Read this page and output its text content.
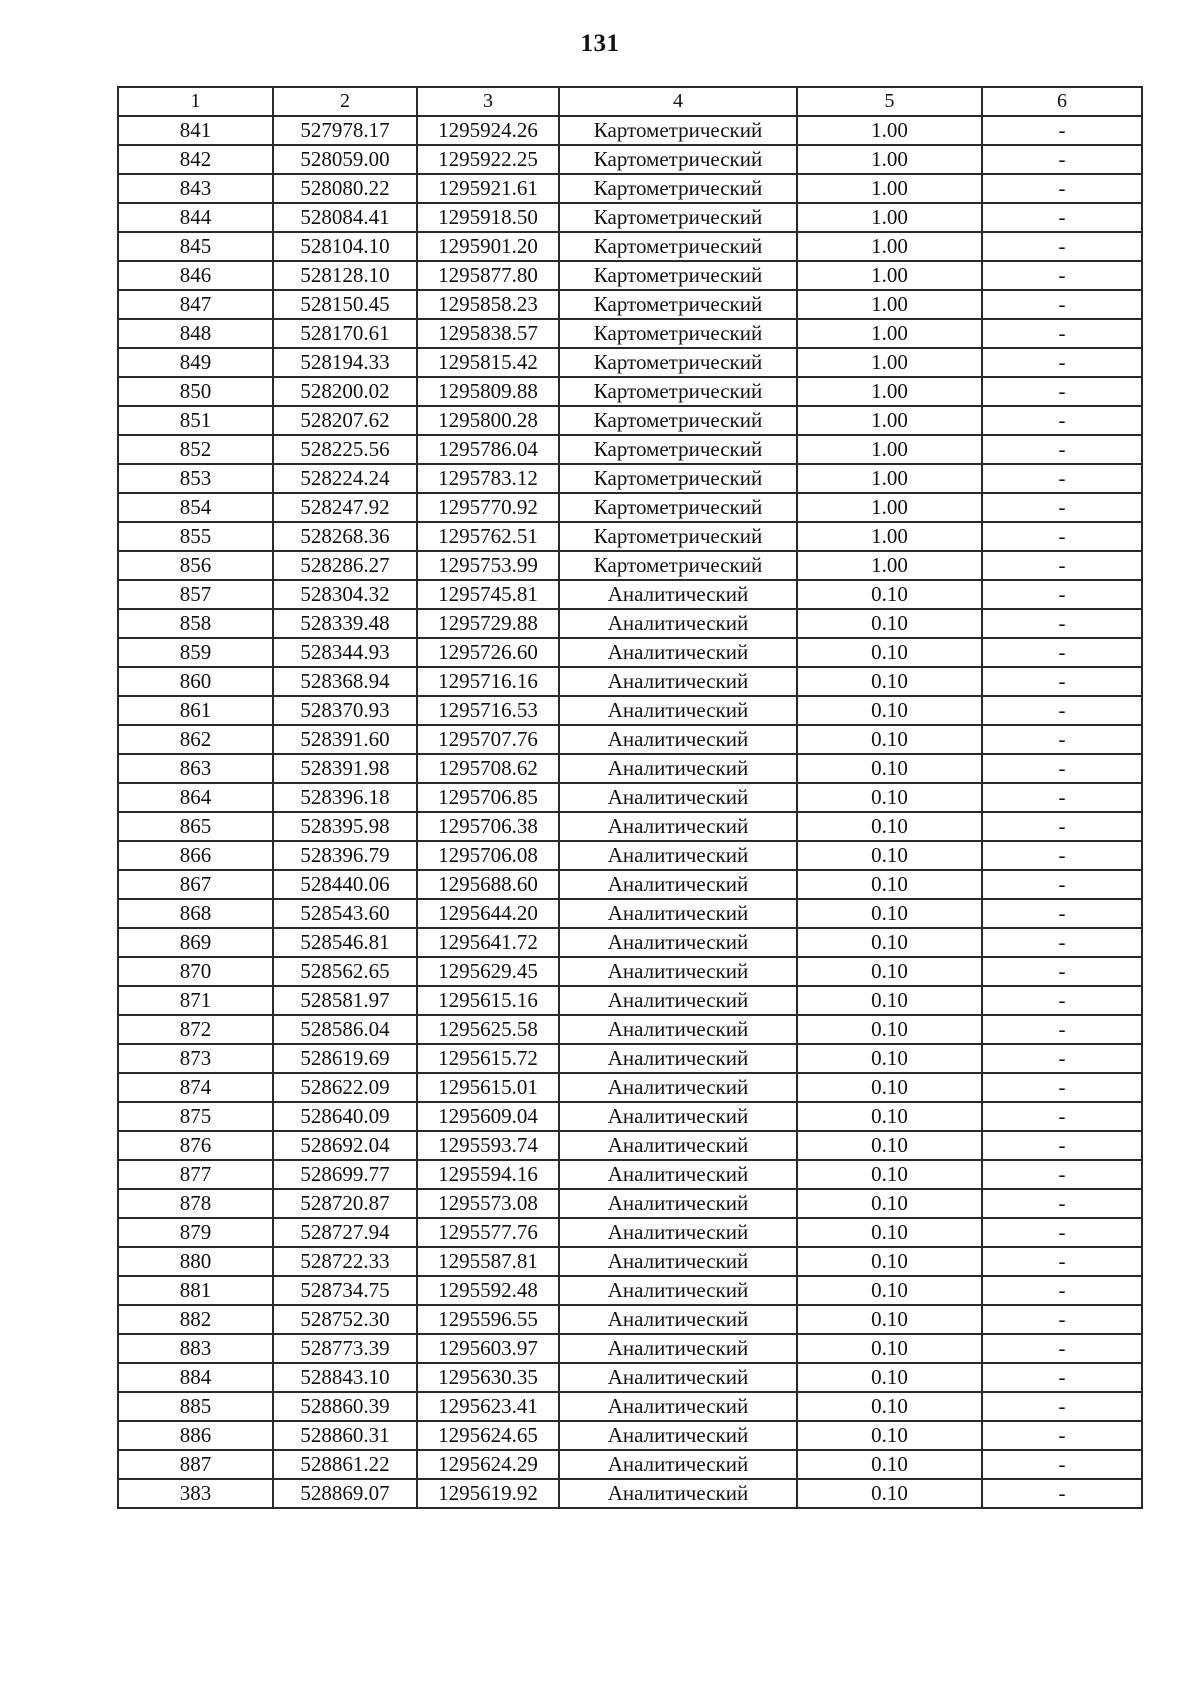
131
1	2	3	4	5	6
841	527978.17	1295924.26	Картометрический	1.00	-
842	528059.00	1295922.25	Картометрический	1.00	-
843	528080.22	1295921.61	Картометрический	1.00	-
844	528084.41	1295918.50	Картометрический	1.00	-
845	528104.10	1295901.20	Картометрический	1.00	-
846	528128.10	1295877.80	Картометрический	1.00	-
847	528150.45	1295858.23	Картометрический	1.00	-
848	528170.61	1295838.57	Картометрический	1.00	-
849	528194.33	1295815.42	Картометрический	1.00	-
850	528200.02	1295809.88	Картометрический	1.00	-
851	528207.62	1295800.28	Картометрический	1.00	-
852	528225.56	1295786.04	Картометрический	1.00	-
853	528224.24	1295783.12	Картометрический	1.00	-
854	528247.92	1295770.92	Картометрический	1.00	-
855	528268.36	1295762.51	Картометрический	1.00	-
856	528286.27	1295753.99	Картометрический	1.00	-
857	528304.32	1295745.81	Аналитический	0.10	-
858	528339.48	1295729.88	Аналитический	0.10	-
859	528344.93	1295726.60	Аналитический	0.10	-
860	528368.94	1295716.16	Аналитический	0.10	-
861	528370.93	1295716.53	Аналитический	0.10	-
862	528391.60	1295707.76	Аналитический	0.10	-
863	528391.98	1295708.62	Аналитический	0.10	-
864	528396.18	1295706.85	Аналитический	0.10	-
865	528395.98	1295706.38	Аналитический	0.10	-
866	528396.79	1295706.08	Аналитический	0.10	-
867	528440.06	1295688.60	Аналитический	0.10	-
868	528543.60	1295644.20	Аналитический	0.10	-
869	528546.81	1295641.72	Аналитический	0.10	-
870	528562.65	1295629.45	Аналитический	0.10	-
871	528581.97	1295615.16	Аналитический	0.10	-
872	528586.04	1295625.58	Аналитический	0.10	-
873	528619.69	1295615.72	Аналитический	0.10	-
874	528622.09	1295615.01	Аналитический	0.10	-
875	528640.09	1295609.04	Аналитический	0.10	-
876	528692.04	1295593.74	Аналитический	0.10	-
877	528699.77	1295594.16	Аналитический	0.10	-
878	528720.87	1295573.08	Аналитический	0.10	-
879	528727.94	1295577.76	Аналитический	0.10	-
880	528722.33	1295587.81	Аналитический	0.10	-
881	528734.75	1295592.48	Аналитический	0.10	-
882	528752.30	1295596.55	Аналитический	0.10	-
883	528773.39	1295603.97	Аналитический	0.10	-
884	528843.10	1295630.35	Аналитический	0.10	-
885	528860.39	1295623.41	Аналитический	0.10	-
886	528860.31	1295624.65	Аналитический	0.10	-
887	528861.22	1295624.29	Аналитический	0.10	-
383	528869.07	1295619.92	Аналитический	0.10	-
